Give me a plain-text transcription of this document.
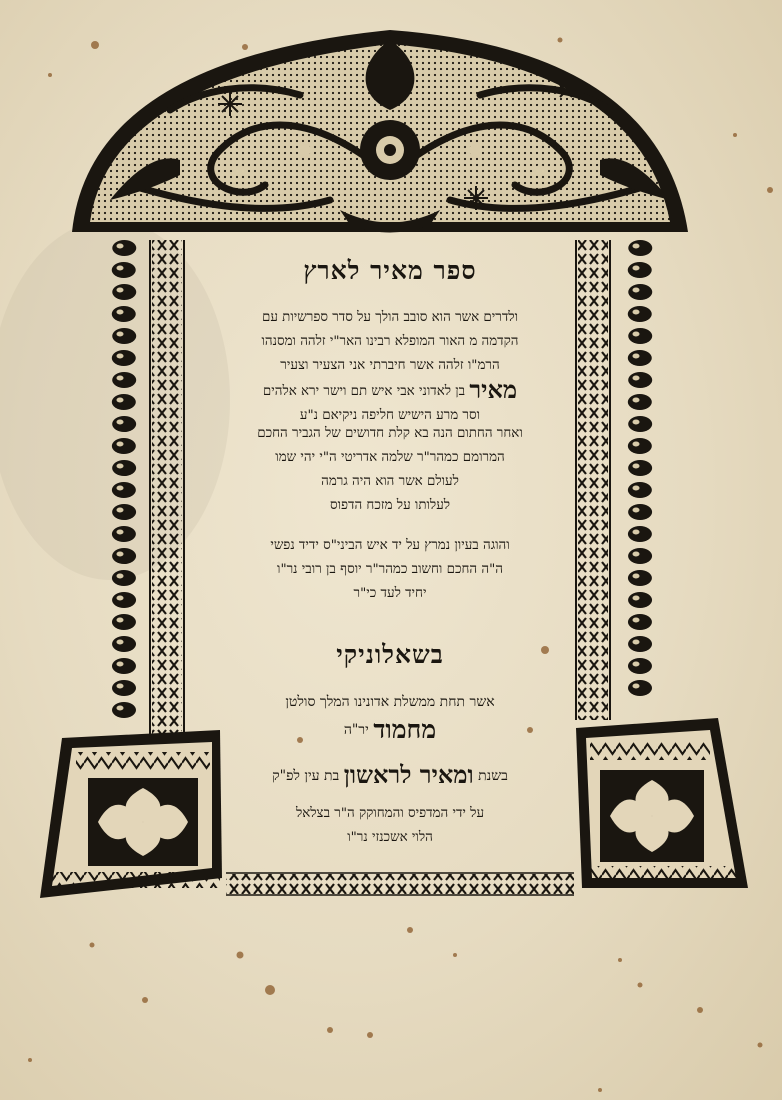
ספר מאיר לארץ
ולדרים אשר הוא סובב הולך על סדר ספרשיות עם
הקדמה מ האור המופלא רבינו האר"י זלהה ומסנהו
הרמ"ו זלהה אשר חיברתי אני הצעיר וצעיר
מאיר בן לאדוני אבי איש תם וישר ירא אלהים
וסר מרע הישיש חליפה ניקיאם נ"ע
ואחר החתום הנה בא קלת חדושים של הגביר החכם
המרומם כמהר"ר שלמה אדריטי ה"י יהי שמו
לעולם אשר הוא היה גרמה
לעלותו על מזכח הדפוס
והוגה בעיון נמרץ על יד איש הביני"ס ידיד נפשי
ה"ה החכם וחשוב כמהר"ר יוסף בן רובי נר"ו
יחיד לעד כי"ר
בשאלוניקי
אשר תחת ממשלת אדונינו המלך סולטן
מחמוד יר"ה
בשנת ומאיר לראשון בת עין לפ"ק
על ידי המדפיס והמחוקק ה"ר בצלאל
הלוי אשכנזי נר"ו
